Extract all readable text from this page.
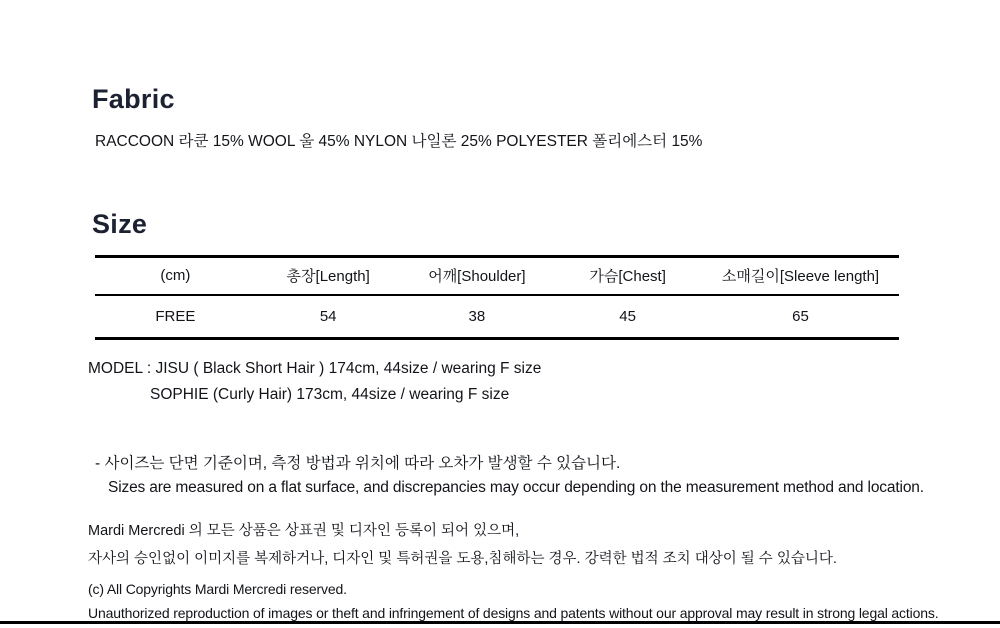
Fabric
RACCOON 라쿤 15% WOOL 울 45% NYLON 나일론 25% POLYESTER 폴리에스터 15%
Size
(cm)	총장[Length]	어깨[Shoulder]	가슴[Chest]	소매길이[Sleeve length]
FREE	54	38	45	65
MODEL : JISU ( Black Short Hair ) 174cm, 44size / wearing F size
SOPHIE (Curly Hair) 173cm, 44size / wearing F size
- 사이즈는 단면 기준이며, 측정 방법과 위치에 따라 오차가 발생할 수 있습니다.
Sizes are measured on a flat surface, and discrepancies may occur depending on the measurement method and location.
Mardi Mercredi 의 모든 상품은 상표권 및 디자인 등록이 되어 있으며,
자사의 승인없이 이미지를 복제하거나, 디자인 및 특허권을 도용,침해하는 경우. 강력한 법적 조치 대상이 될 수 있습니다.
(c) All Copyrights Mardi Mercredi reserved.
Unauthorized reproduction of images or theft and infringement of designs and patents without our approval may result in strong legal actions.
